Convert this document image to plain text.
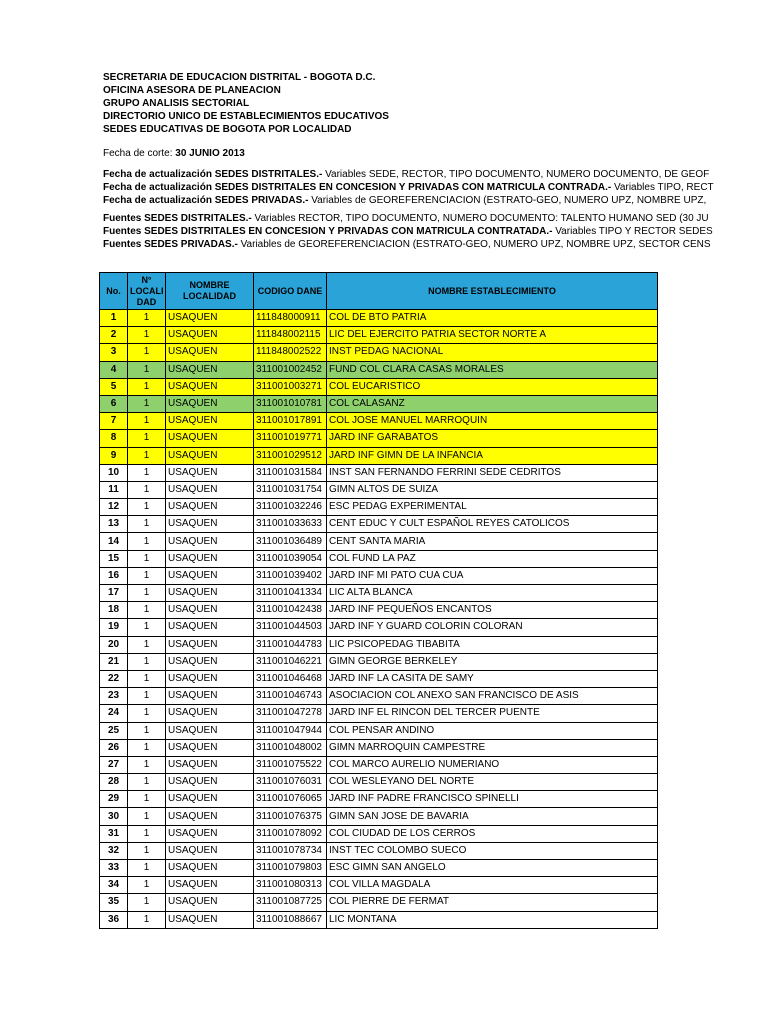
SECRETARIA DE EDUCACION DISTRITAL - BOGOTA D.C.
OFICINA ASESORA DE PLANEACION
GRUPO ANALISIS SECTORIAL
DIRECTORIO UNICO DE ESTABLECIMIENTOS EDUCATIVOS
SEDES EDUCATIVAS DE BOGOTA POR LOCALIDAD
Fecha de corte: 30 JUNIO 2013
Fecha de actualización SEDES DISTRITALES.- Variables SEDE, RECTOR, TIPO DOCUMENTO, NUMERO DOCUMENTO, DE GEOF
Fecha de actualización SEDES DISTRITALES EN CONCESION Y PRIVADAS CON MATRICULA CONTRADA.- Variables TIPO, RECT
Fecha de actualización SEDES PRIVADAS.- Variables de GEOREFERENCIACION (ESTRATO-GEO, NUMERO UPZ, NOMBRE UPZ,
Fuentes SEDES DISTRITALES.- Variables RECTOR, TIPO DOCUMENTO, NUMERO DOCUMENTO: TALENTO HUMANO SED (30 JU
Fuentes SEDES DISTRITALES EN CONCESION Y PRIVADAS CON MATRICULA CONTRATADA.- Variables TIPO Y RECTOR SEDES
Fuentes SEDES PRIVADAS.- Variables de GEOREFERENCIACION (ESTRATO-GEO, NUMERO UPZ, NOMBRE UPZ, SECTOR CENS
No.	N° LOCALI DAD	NOMBRE LOCALIDAD	CODIGO DANE	NOMBRE ESTABLECIMIENTO
1	1	USAQUEN	111848000911	COL DE BTO PATRIA
2	1	USAQUEN	111848002115	LIC DEL EJERCITO PATRIA SECTOR NORTE A
3	1	USAQUEN	111848002522	INST PEDAG NACIONAL
4	1	USAQUEN	311001002452	FUND COL CLARA CASAS MORALES
5	1	USAQUEN	311001003271	COL EUCARISTICO
6	1	USAQUEN	311001010781	COL CALASANZ
7	1	USAQUEN	311001017891	COL JOSE MANUEL MARROQUIN
8	1	USAQUEN	311001019771	JARD INF GARABATOS
9	1	USAQUEN	311001029512	JARD INF GIMN DE LA INFANCIA
10	1	USAQUEN	311001031584	INST SAN FERNANDO FERRINI SEDE CEDRITOS
11	1	USAQUEN	311001031754	GIMN ALTOS DE SUIZA
12	1	USAQUEN	311001032246	ESC PEDAG EXPERIMENTAL
13	1	USAQUEN	311001033633	CENT EDUC Y CULT ESPAÑOL REYES CATOLICOS
14	1	USAQUEN	311001036489	CENT SANTA MARIA
15	1	USAQUEN	311001039054	COL FUND LA PAZ
16	1	USAQUEN	311001039402	JARD INF MI PATO CUA CUA
17	1	USAQUEN	311001041334	LIC ALTA BLANCA
18	1	USAQUEN	311001042438	JARD INF PEQUEÑOS ENCANTOS
19	1	USAQUEN	311001044503	JARD INF Y GUARD COLORIN COLORAN
20	1	USAQUEN	311001044783	LIC PSICOPEDAG TIBABITA
21	1	USAQUEN	311001046221	GIMN GEORGE BERKELEY
22	1	USAQUEN	311001046468	JARD INF LA CASITA DE SAMY
23	1	USAQUEN	311001046743	ASOCIACION COL ANEXO SAN FRANCISCO DE ASIS
24	1	USAQUEN	311001047278	JARD INF EL RINCON DEL TERCER PUENTE
25	1	USAQUEN	311001047944	COL PENSAR ANDINO
26	1	USAQUEN	311001048002	GIMN MARROQUIN CAMPESTRE
27	1	USAQUEN	311001075522	COL MARCO AURELIO NUMERIANO
28	1	USAQUEN	311001076031	COL WESLEYANO DEL NORTE
29	1	USAQUEN	311001076065	JARD INF PADRE FRANCISCO SPINELLI
30	1	USAQUEN	311001076375	GIMN SAN JOSE DE BAVARIA
31	1	USAQUEN	311001078092	COL CIUDAD DE LOS CERROS
32	1	USAQUEN	311001078734	INST TEC COLOMBO SUECO
33	1	USAQUEN	311001079803	ESC GIMN SAN ANGELO
34	1	USAQUEN	311001080313	COL VILLA MAGDALA
35	1	USAQUEN	311001087725	COL PIERRE DE FERMAT
36	1	USAQUEN	311001088667	LIC MONTANA
